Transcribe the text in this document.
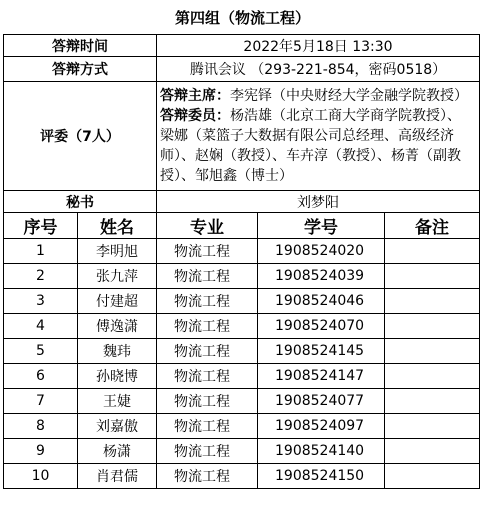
第四组（物流工程）
答辩时间		2022年5月18日 13:30		
答辩方式		腾讯会议 （293-221-854，密码0518）		
评委（7人）		答辩主席：李宪铎（中央财经大学金融学院教授）
答辩委员：杨浩雄（北京工商大学商学院教授）、梁娜（菜篮子大数据有限公司总经理、高级经济师）、赵娴（教授）、车卉淳（教授）、杨菁（副教授）、邹旭鑫（博士）		
秘书		刘梦阳		
序号	姓名	专业	学号	备注
1	李明旭	物流工程	1908524020	
2	张九萍	物流工程	1908524039	
3	付建超	物流工程	1908524046	
4	傅逸潇	物流工程	1908524070	
5	魏玮	物流工程	1908524145	
6	孙晓博	物流工程	1908524147	
7	王婕	物流工程	1908524077	
8	刘嘉傲	物流工程	1908524097	
9	杨潇	物流工程	1908524140	
10	肖君儒	物流工程	1908524150	
